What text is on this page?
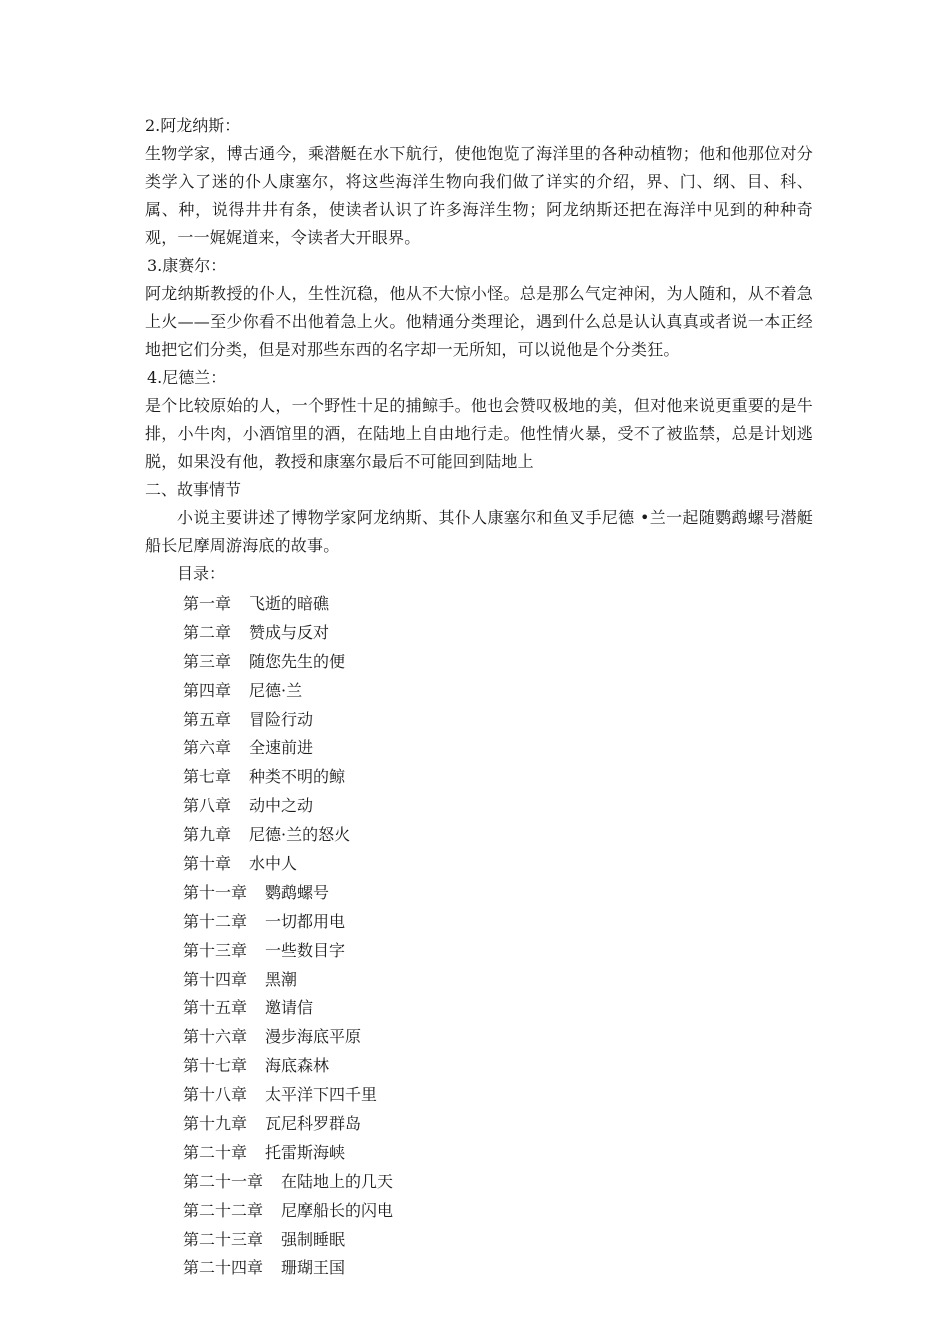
2.阿龙纳斯：
生物学家，博古通今，乘潜艇在水下航行，使他饱览了海洋里的各种动植物；他和他那位对分类学入了迷的仆人康塞尔，将这些海洋生物向我们做了详实的介绍，界、门、纲、目、科、属、种，说得井井有条，使读者认识了许多海洋生物；阿龙纳斯还把在海洋中见到的种种奇观，一一娓娓道来，令读者大开眼界。
3.康赛尔：
阿龙纳斯教授的仆人，生性沉稳，他从不大惊小怪。总是那么气定神闲，为人随和，从不着急上火——至少你看不出他着急上火。他精通分类理论，遇到什么总是认认真真或者说一本正经地把它们分类，但是对那些东西的名字却一无所知，可以说他是个分类狂。
4.尼德兰：
是个比较原始的人，一个野性十足的捕鲸手。他也会赞叹极地的美，但对他来说更重要的是牛排，小牛肉，小酒馆里的酒，在陆地上自由地行走。他性情火暴，受不了被监禁，总是计划逃脱，如果没有他，教授和康塞尔最后不可能回到陆地上
二、故事情节
小说主要讲述了博物学家阿龙纳斯、其仆人康塞尔和鱼叉手尼德 •兰一起随鹦鹉螺号潜艇船长尼摩周游海底的故事。
目录：
第一章 飞逝的暗礁
第二章 赞成与反对
第三章 随您先生的便
第四章 尼德·兰
第五章 冒险行动
第六章 全速前进
第七章 种类不明的鲸
第八章 动中之动
第九章 尼德·兰的怒火
第十章 水中人
第十一章 鹦鹉螺号
第十二章 一切都用电
第十三章 一些数目字
第十四章 黑潮
第十五章 邀请信
第十六章 漫步海底平原
第十七章 海底森林
第十八章 太平洋下四千里
第十九章 瓦尼科罗群岛
第二十章 托雷斯海峡
第二十一章 在陆地上的几天
第二十二章 尼摩船长的闪电
第二十三章 强制睡眠
第二十四章 珊瑚王国
